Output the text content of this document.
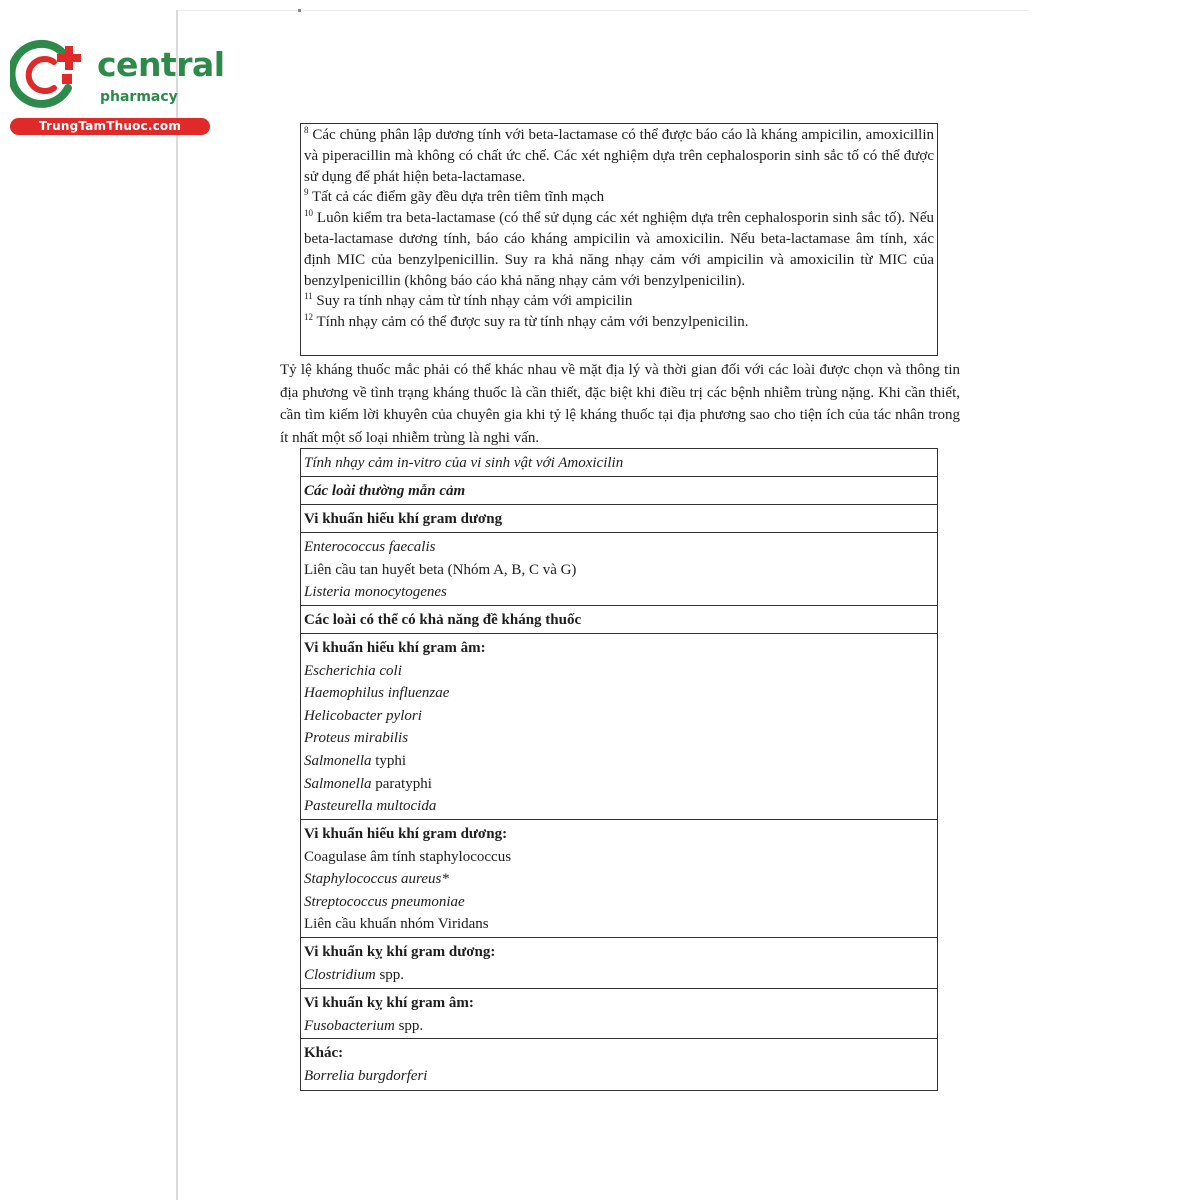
central
pharmacy
TrungTamThuoc.com	$^8$ Các chủng phân lập dương tính với beta-lactamase có thể được báo cáo là kháng ampicilin, amoxicillin và piperacillin mà không có chất ức chế. Các xét nghiệm dựa trên cephalosporin sinh sắc tố có thể được sử dụng để phát hiện beta-lactamase.

$^9$ Tất cả các điểm gãy đều dựa trên tiêm tĩnh mạch

$^{10}$ Luôn kiểm tra beta-lactamase (có thể sử dụng các xét nghiệm dựa trên cephalosporin sinh sắc tố). Nếu beta-lactamase dương tính, báo cáo kháng ampicilin và amoxicilin. Nếu beta-lactamase âm tính, xác định MIC của benzylpenicillin. Suy ra khả năng nhạy cảm với ampicilin và amoxicilin từ MIC của benzylpenicillin (không báo cáo khả năng nhạy cảm với benzylpenicilin).

$^{11}$ Suy ra tính nhạy cảm từ tính nhạy cảm với ampicilin

$^{12}$ Tính nhạy cảm có thể được suy ra từ tính nhạy cảm với benzylpenicilin.

Tỷ lệ kháng thuốc mắc phải có thể khác nhau về mặt địa lý và thời gian đối với các loài được chọn và thông tin địa phương về tình trạng kháng thuốc là cần thiết, đặc biệt khi điều trị các bệnh nhiễm trùng nặng. Khi cần thiết, cần tìm kiếm lời khuyên của chuyên gia khi tỷ lệ kháng thuốc tại địa phương sao cho tiện ích của tác nhân trong ít nhất một số loại nhiễm trùng là nghi vấn.

Tính nhạy cảm in-vitro của vi sinh vật với Amoxicilin
Các loài thường mẫn cảm
Vi khuẩn hiếu khí gram dương
Enterococcus faecalis
Liên cầu tan huyết beta (Nhóm A, B, C và G)
Listeria monocytogenes
Các loài có thể có khả năng đề kháng thuốc
Vi khuẩn hiếu khí gram âm:
Escherichia coli
Haemophilus influenzae
Helicobacter pylori
Proteus mirabilis
Salmonella typhi
Salmonella paratyphi
Pasteurella multocida
Vi khuẩn hiếu khí gram dương:
Coagulase âm tính staphylococcus
Staphylococcus aureus*
Streptococcus pneumoniae
Liên cầu khuẩn nhóm Viridans
Vi khuẩn kỵ khí gram dương:
Clostridium spp.
Vi khuẩn kỵ khí gram âm:
Fusobacterium spp.
Khác:
Borrelia burgdorferi
